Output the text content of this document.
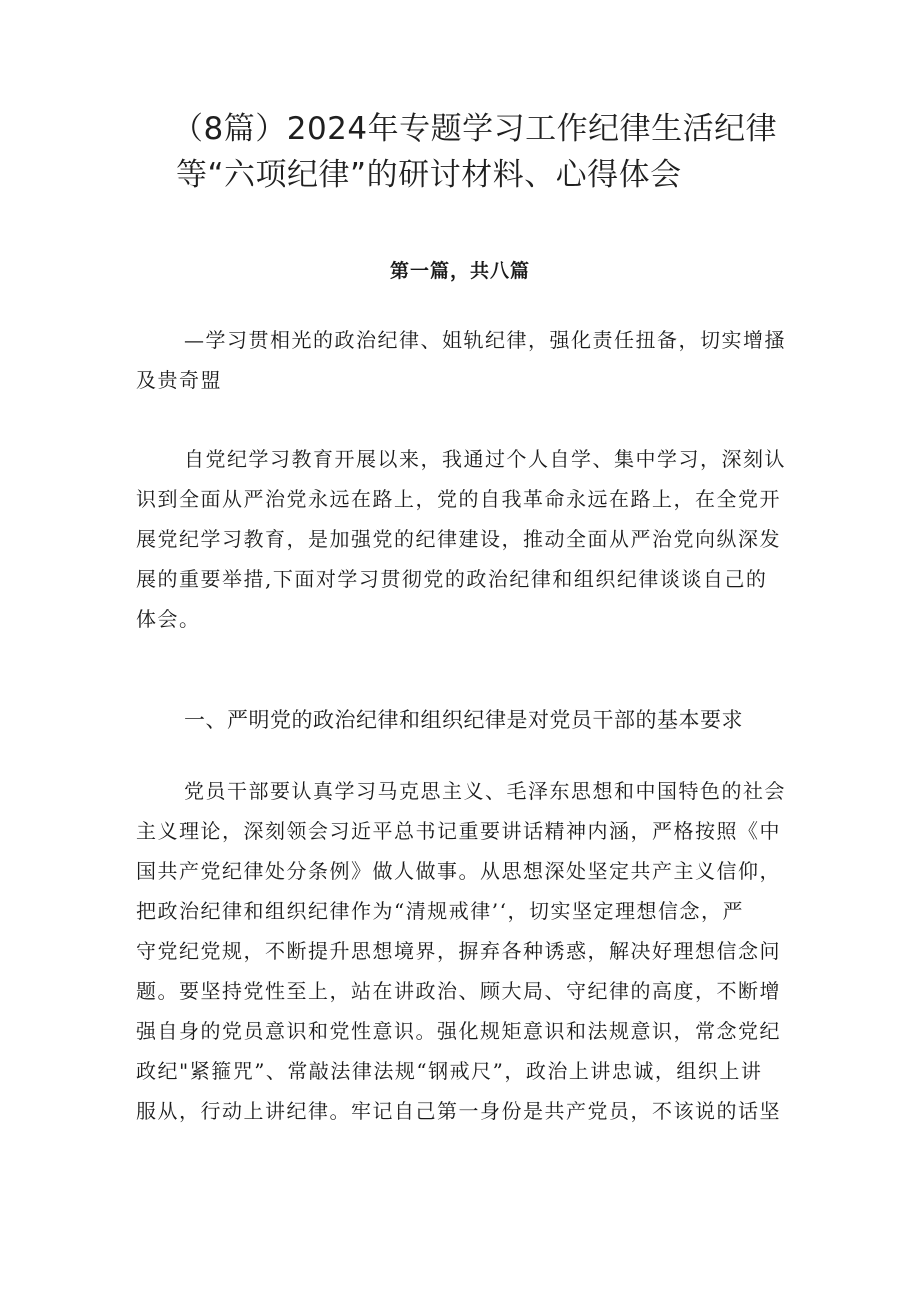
（8篇）2024年专题学习工作纪律生活纪律
等“六项纪律”的研讨材料、心得体会
第一篇，共八篇

—学习贯相光的政治纪律、姐轨纪律，强化责任扭备，切实增搔
及贵奇盟

自党纪学习教育开展以来，我通过个人自学、集中学习，深刻认
识到全面从严治党永远在路上，党的自我革命永远在路上，在全党开
展党纪学习教育，是加强党的纪律建设，推动全面从严治党向纵深发
展的重要举措,下面对学习贯彻党的政治纪律和组织纪律谈谈自己的
体会。

一、严明党的政治纪律和组织纪律是对党员干部的基本要求

党员干部要认真学习马克思主义、毛泽东思想和中国特色的社会
主义理论，深刻领会习近平总书记重要讲话精神内涵，严格按照《中
国共产党纪律处分条例》做人做事。从思想深处坚定共产主义信仰，
把政治纪律和组织纪律作为“清规戒律’‘，切实坚定理想信念，严
守党纪党规，不断提升思想境界，摒弃各种诱惑，解决好理想信念问
题。要坚持党性至上，站在讲政治、顾大局、守纪律的高度，不断增
强自身的党员意识和党性意识。强化规矩意识和法规意识，常念党纪
政纪"紧箍咒”、常敲法律法规“钢戒尺”，政治上讲忠诚，组织上讲
服从，行动上讲纪律。牢记自己第一身份是共产党员，不该说的话坚
